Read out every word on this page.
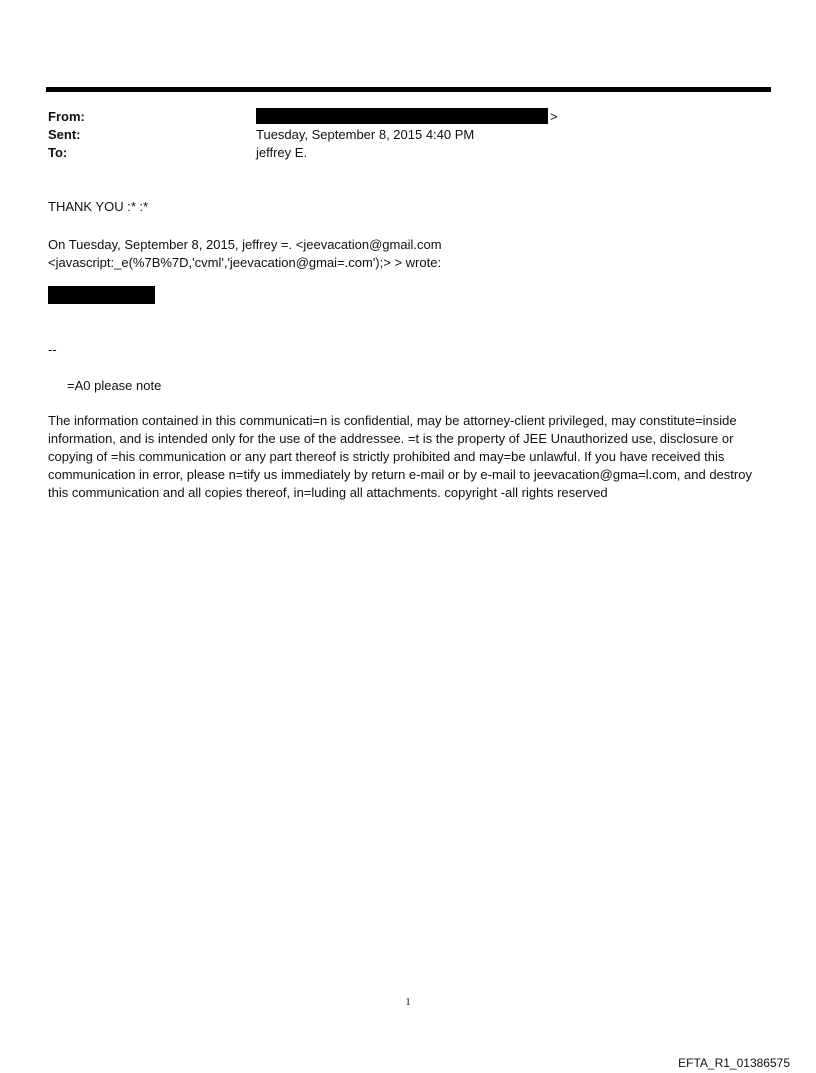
From:	>
Sent:	Tuesday, September 8, 2015 4:40 PM
To:	jeffrey E.
THANK YOU :* :*
On Tuesday, September 8, 2015, jeffrey =. <jeevacation@gmail.com
<javascript:_e(%7B%7D,'cvml','jeevacation@gmai=.com');> > wrote:
--
=A0 please note
The information contained in this communicati=n is confidential, may be attorney-client privileged, may constitute=inside information, and is intended only for the use of the addressee. =t is the property of JEE Unauthorized use, disclosure or copying of =his communication or any part thereof is strictly prohibited and may=be unlawful. If you have received this communication in error, please n=tify us immediately by return e-mail or by e-mail to jeevacation@gma=l.com, and destroy this communication and all copies thereof, in=luding all attachments. copyright -all rights reserved
1
EFTA_R1_01386575
